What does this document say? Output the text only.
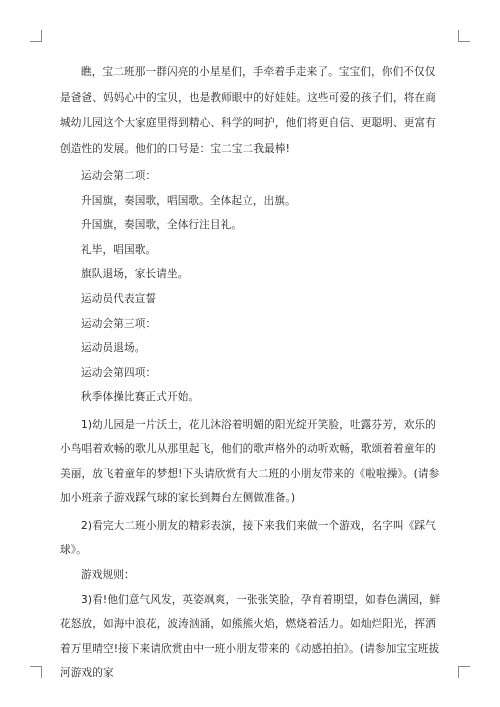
瞧，宝二班那一群闪亮的小星星们，手牵着手走来了。宝宝们，你们不仅仅是爸爸、妈妈心中的宝贝，也是教师眼中的好娃娃。这些可爱的孩子们，将在商城幼儿园这个大家庭里得到精心、科学的呵护，他们将更自信、更聪明、更富有创造性的发展。他们的口号是：宝二宝二我最棒!

运动会第二项：
升国旗，奏国歌，唱国歌。全体起立，出旗。
升国旗，奏国歌，全体行注目礼。
礼毕，唱国歌。
旗队退场，家长请坐。
运动员代表宣誓
运动会第三项：
运动员退场。
运动会第四项：
秋季体操比赛正式开始。

1)幼儿园是一片沃土，花儿沐浴着明媚的阳光绽开笑脸，吐露芬芳，欢乐的小鸟唱着欢畅的歌儿从那里起飞，他们的歌声格外的动听欢畅，歌颂着着童年的美丽，放飞着童年的梦想!下头请欣赏有大二班的小朋友带来的《啦啦操》。(请参加小班亲子游戏踩气球的家长到舞台左侧做准备。)

2)看完大二班小朋友的精彩表演，接下来我们来做一个游戏，名字叫《踩气球》。

游戏规则：

3)看!他们意气风发，英姿飒爽，一张张笑脸，孕育着期望，如春色满园，鲜花怒放，如海中浪花，波涛汹涌，如熊熊火焰，燃烧着活力。如灿烂阳光，挥洒着万里晴空!接下来请欣赏由中一班小朋友带来的《动感拍拍》。(请参加宝宝班拔河游戏的家
